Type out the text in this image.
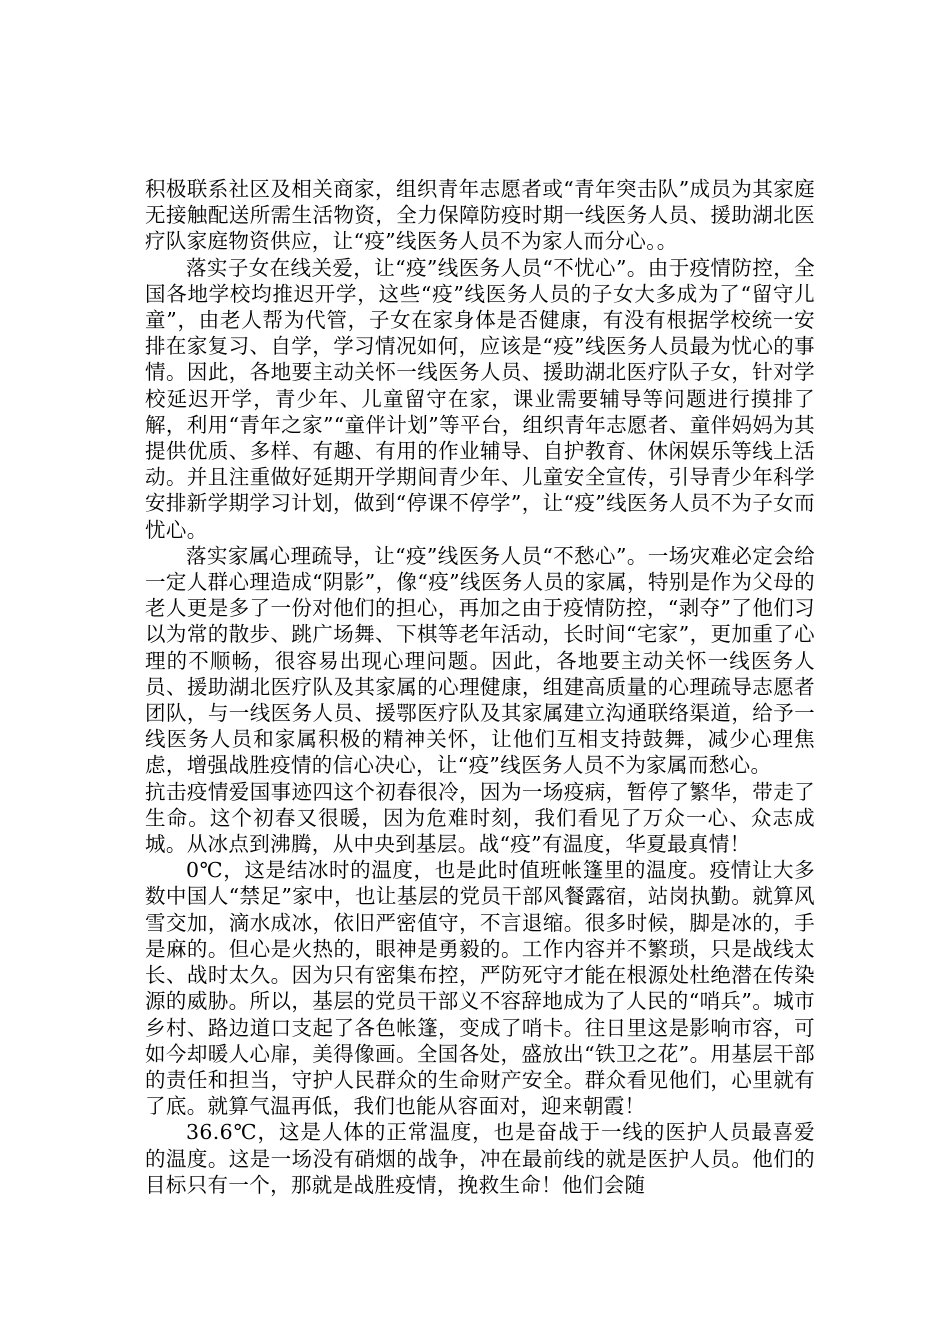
积极联系社区及相关商家，组织青年志愿者或“青年突击队”成员为其家庭无接触配送所需生活物资，全力保障防疫时期一线医务人员、援助湖北医疗队家庭物资供应，让“疫”线医务人员不为家人而分心。。

落实子女在线关爱，让“疫”线医务人员“不忧心”。由于疫情防控，全国各地学校均推迟开学，这些“疫”线医务人员的子女大多成为了“留守儿童”，由老人帮为代管，子女在家身体是否健康，有没有根据学校统一安排在家复习、自学，学习情况如何，应该是“疫”线医务人员最为忧心的事情。因此，各地要主动关怀一线医务人员、援助湖北医疗队子女，针对学校延迟开学，青少年、儿童留守在家，课业需要辅导等问题进行摸排了解，利用“青年之家”“童伴计划”等平台，组织青年志愿者、童伴妈妈为其提供优质、多样、有趣、有用的作业辅导、自护教育、休闲娱乐等线上活动。并且注重做好延期开学期间青少年、儿童安全宣传，引导青少年科学安排新学期学习计划，做到“停课不停学”，让“疫”线医务人员不为子女而忧心。

落实家属心理疏导，让“疫”线医务人员“不愁心”。一场灾难必定会给一定人群心理造成“阴影”，像“疫”线医务人员的家属，特别是作为父母的老人更是多了一份对他们的担心，再加之由于疫情防控，“剥夺”了他们习以为常的散步、跳广场舞、下棋等老年活动，长时间“宅家”，更加重了心理的不顺畅，很容易出现心理问题。因此，各地要主动关怀一线医务人员、援助湖北医疗队及其家属的心理健康，组建高质量的心理疏导志愿者团队，与一线医务人员、援鄂医疗队及其家属建立沟通联络渠道，给予一线医务人员和家属积极的精神关怀，让他们互相支持鼓舞，减少心理焦虑，增强战胜疫情的信心决心，让“疫”线医务人员不为家属而愁心。

抗击疫情爱国事迹四这个初春很冷，因为一场疫病，暂停了繁华，带走了生命。这个初春又很暖，因为危难时刻，我们看见了万众一心、众志成城。从冰点到沸腾，从中央到基层。战“疫”有温度，华夏最真情！

0℃，这是结冰时的温度，也是此时值班帐篷里的温度。疫情让大多数中国人“禁足”家中，也让基层的党员干部风餐露宿，站岗执勤。就算风雪交加，滴水成冰，依旧严密值守，不言退缩。很多时候，脚是冰的，手是麻的。但心是火热的，眼神是勇毅的。工作内容并不繁琐，只是战线太长、战时太久。因为只有密集布控，严防死守才能在根源处杜绝潜在传染源的威胁。所以，基层的党员干部义不容辞地成为了人民的“哨兵”。城市乡村、路边道口支起了各色帐篷，变成了哨卡。往日里这是影响市容，可如今却暖人心扉，美得像画。全国各处，盛放出“铁卫之花”。用基层干部的责任和担当，守护人民群众的生命财产安全。群众看见他们，心里就有了底。就算气温再低，我们也能从容面对，迎来朝霞！

36.6℃，这是人体的正常温度，也是奋战于一线的医护人员最喜爱的温度。这是一场没有硝烟的战争，冲在最前线的就是医护人员。他们的目标只有一个，那就是战胜疫情，挽救生命！他们会随
